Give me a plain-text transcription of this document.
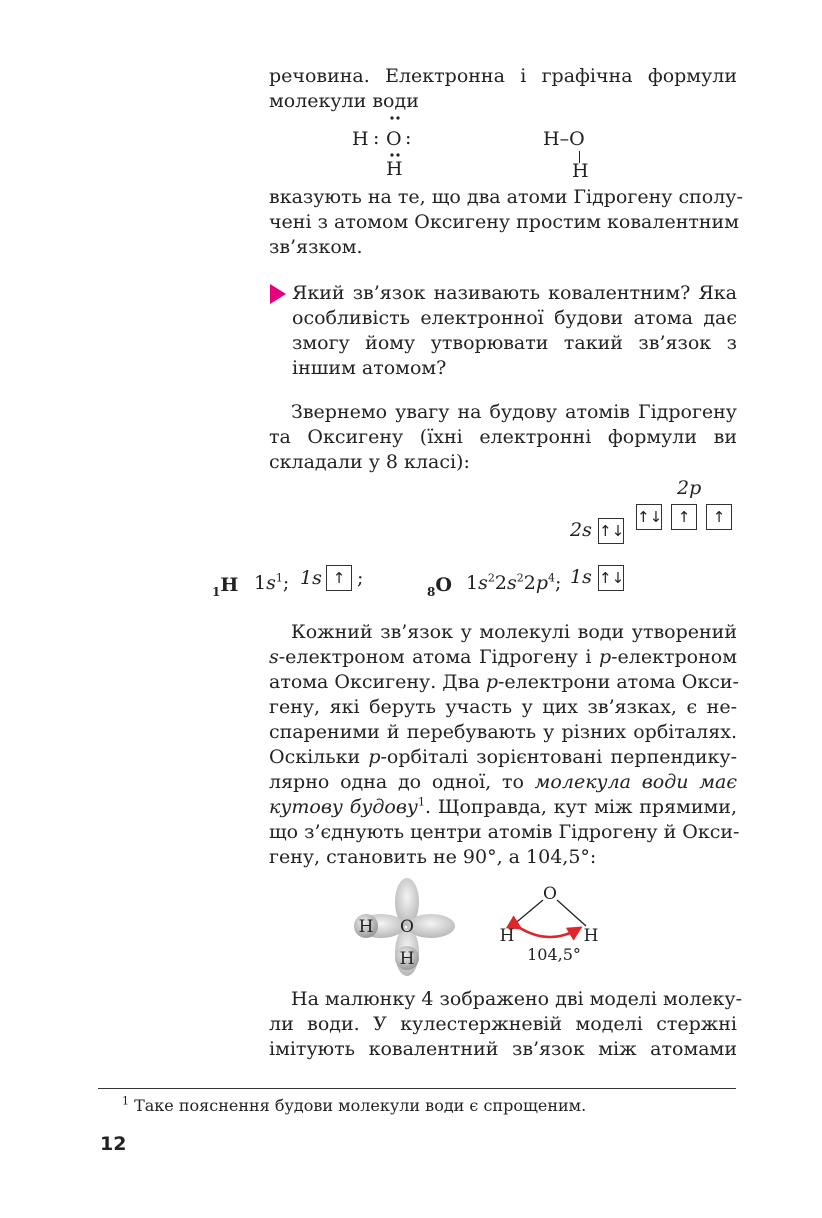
речовина. Електронна і графічна формули
молекули води
H : O :
H
H–O
H
вказують на те, що два атоми Гідрогену сполу-
чені з атомом Оксигену простим ковалентним
зв’язком.
Який зв’язок називають ковалентним? Яка
особливість електронної будови атома дає
змогу йому утворювати такий зв’язок з
іншим атомом?
Звернемо увагу на будову атомів Гідрогену
та Оксигену (їхні електронні формули ви
складали у 8 класі):
$_1$H $1s^1$; 1s ↑ ;
$_8$O $1s^22s^22p^4$; 1s ↑↓
2s ↑↓
2p
↑↓	↑	↑
Кожний зв’язок у молекулі води утворений
s-електроном атома Гідрогену і p-електроном
атома Оксигену. Два p-електрони атома Окси-
гену, які беруть участь у цих зв’язках, є не-
спареними й перебувають у різних орбіталях.
Оскільки p-орбіталі зорієнтовані перпендику-
лярно одна до одної, то молекула води має
кутову будову$^1$. Щоправда, кут між прямими,
що з’єднують центри атомів Гідрогену й Окси-
гену, становить не 90°, а 104,5°:
H O
H
O
H	H
104,5°
На малюнку 4 зображено дві моделі молеку-
ли води. У кулестержневій моделі стержні
імітують ковалентний зв’язок між атомами
$^1$ Таке пояснення будови молекули води є спрощеним.
12
